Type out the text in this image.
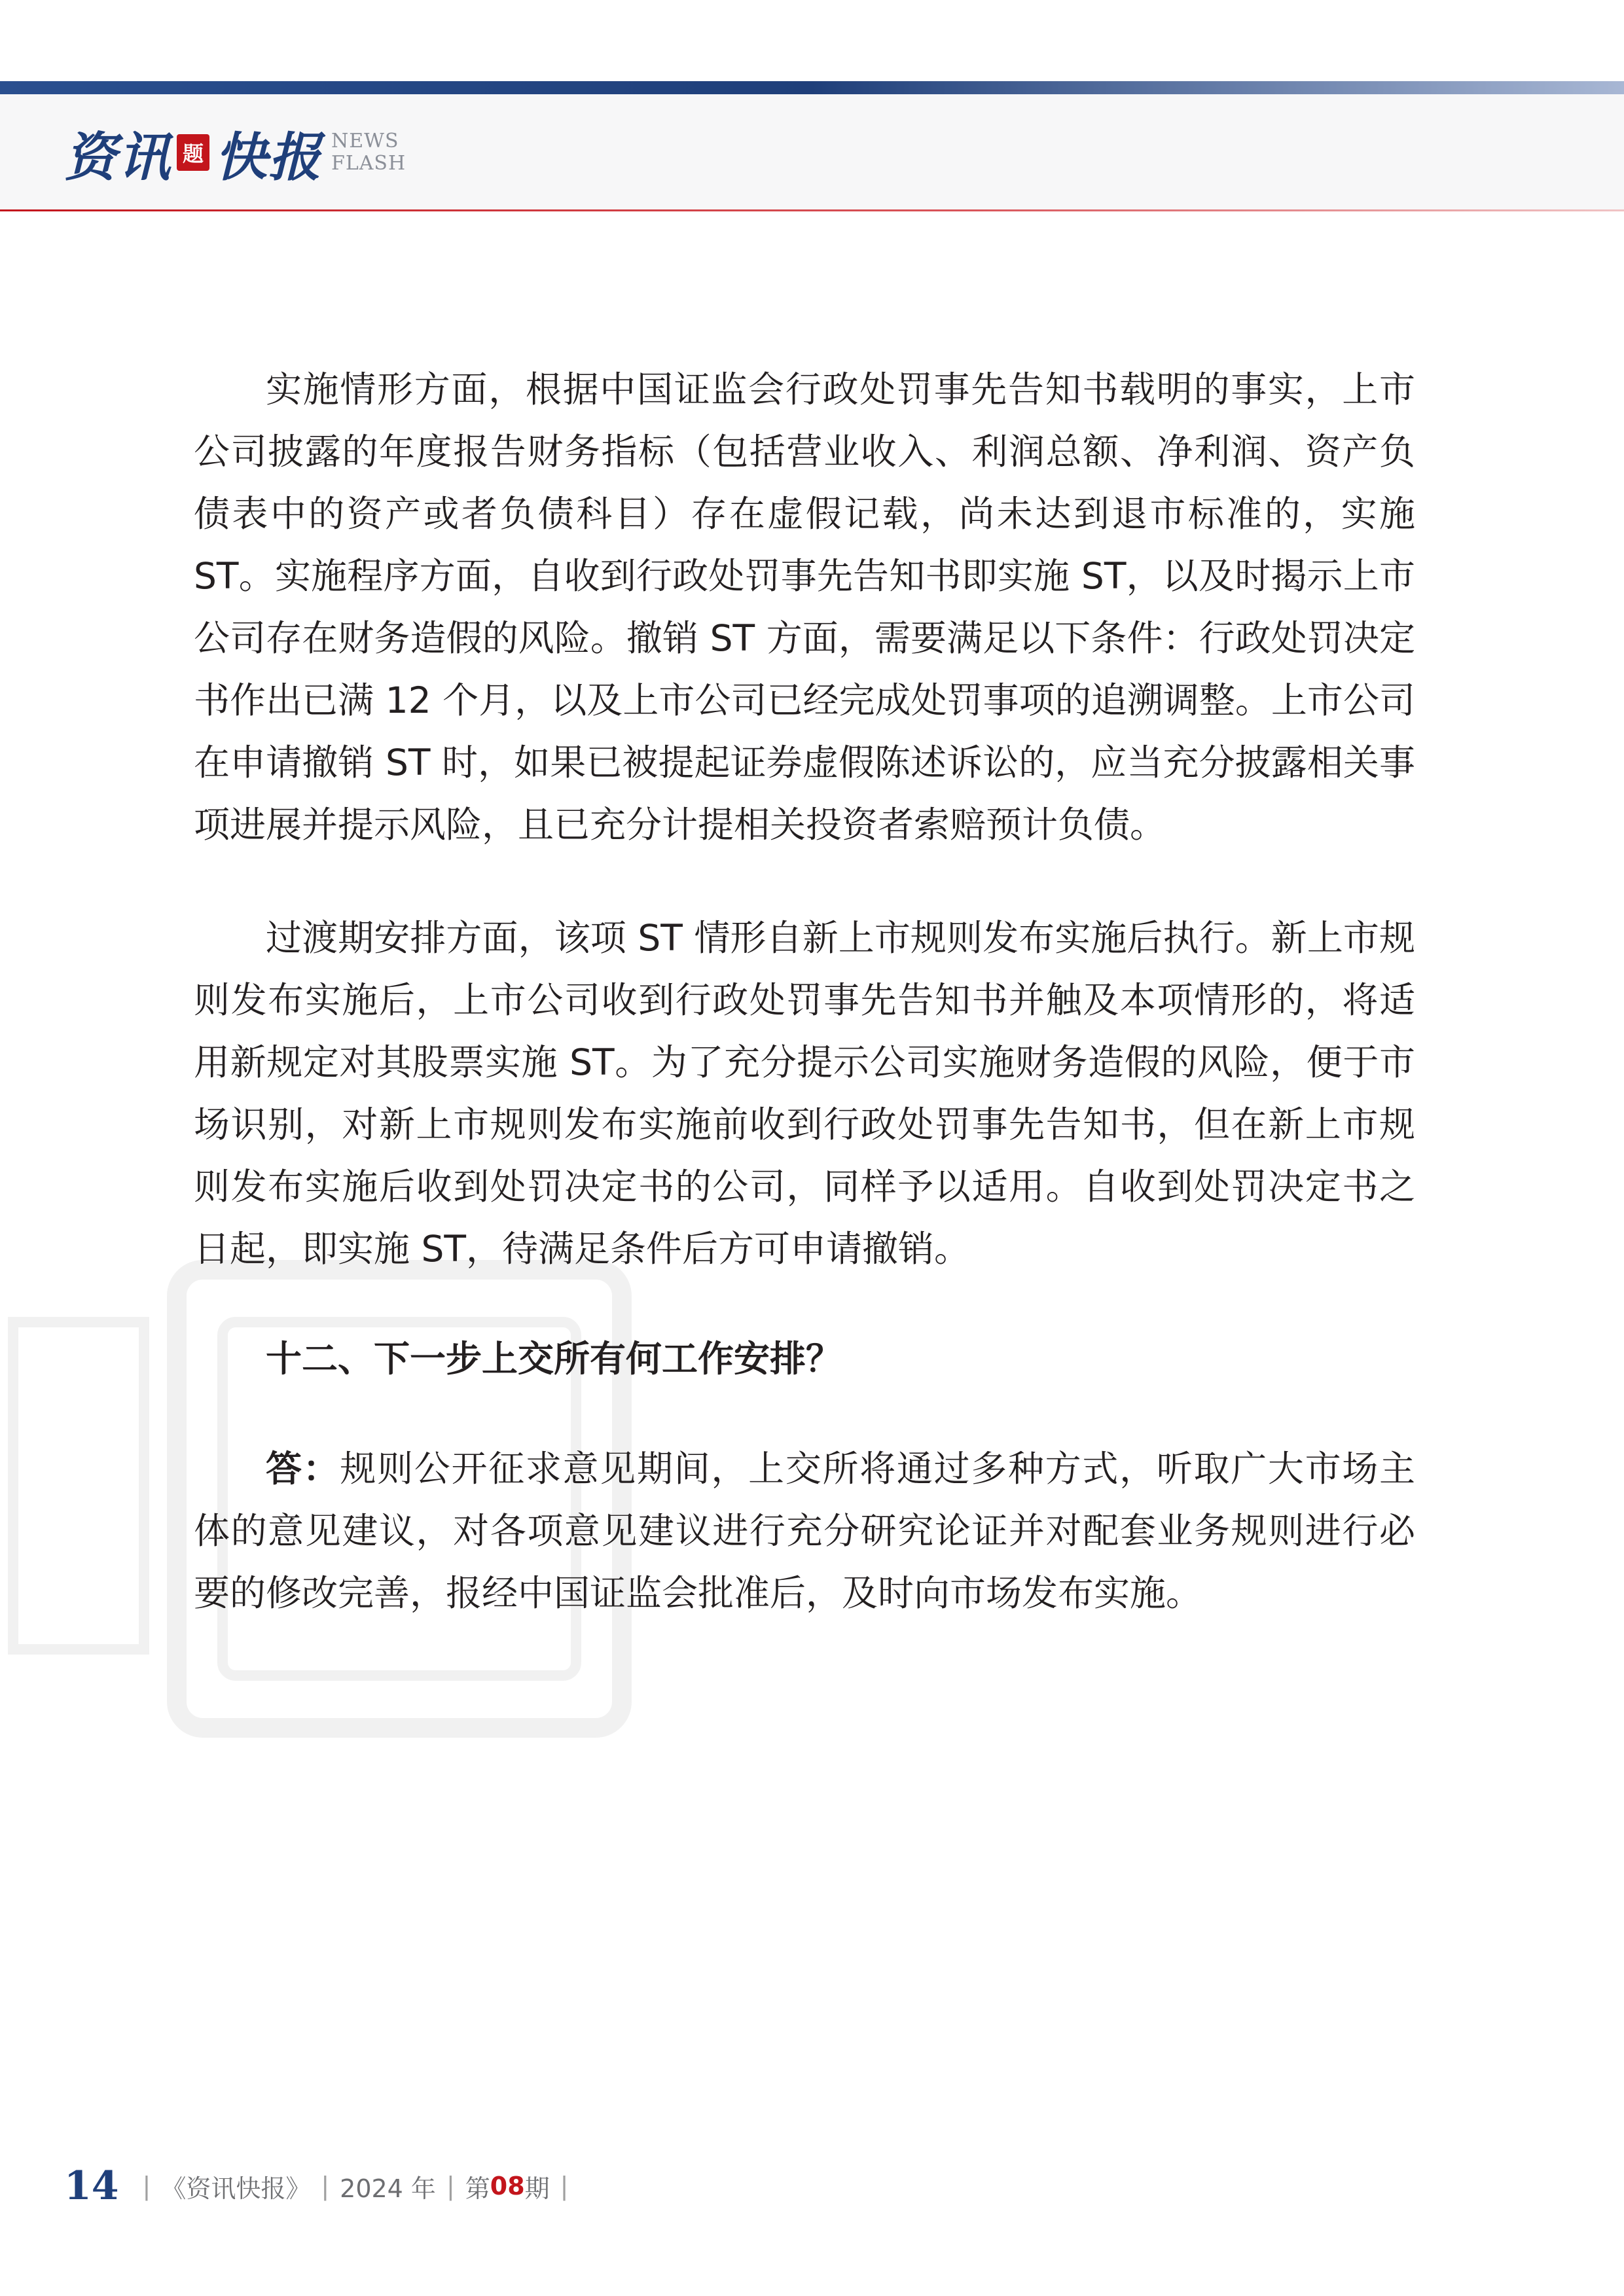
资讯 题 快报 NEWS
FLASH

实施情形方面，根据中国证监会行政处罚事先告知书载明的事实，上市公司披露的年度报告财务指标（包括营业收入、利润总额、净利润、资产负债表中的资产或者负债科目）存在虚假记载，尚未达到退市标准的，实施ST。实施程序方面，自收到行政处罚事先告知书即实施 ST，以及时揭示上市公司存在财务造假的风险。撤销 ST 方面，需要满足以下条件：行政处罚决定书作出已满 12 个月，以及上市公司已经完成处罚事项的追溯调整。上市公司在申请撤销 ST 时，如果已被提起证券虚假陈述诉讼的，应当充分披露相关事项进展并提示风险，且已充分计提相关投资者索赔预计负债。

过渡期安排方面，该项 ST 情形自新上市规则发布实施后执行。新上市规则发布实施后，上市公司收到行政处罚事先告知书并触及本项情形的，将适用新规定对其股票实施 ST。为了充分提示公司实施财务造假的风险，便于市场识别，对新上市规则发布实施前收到行政处罚事先告知书，但在新上市规则发布实施后收到处罚决定书的公司，同样予以适用。自收到处罚决定书之日起，即实施 ST，待满足条件后方可申请撤销。

十二、下一步上交所有何工作安排？

答：规则公开征求意见期间，上交所将通过多种方式，听取广大市场主体的意见建议，对各项意见建议进行充分研究论证并对配套业务规则进行必要的修改完善，报经中国证监会批准后，及时向市场发布实施。

14 | 《资讯快报》 | 2024 年 | 第 08 期 |
